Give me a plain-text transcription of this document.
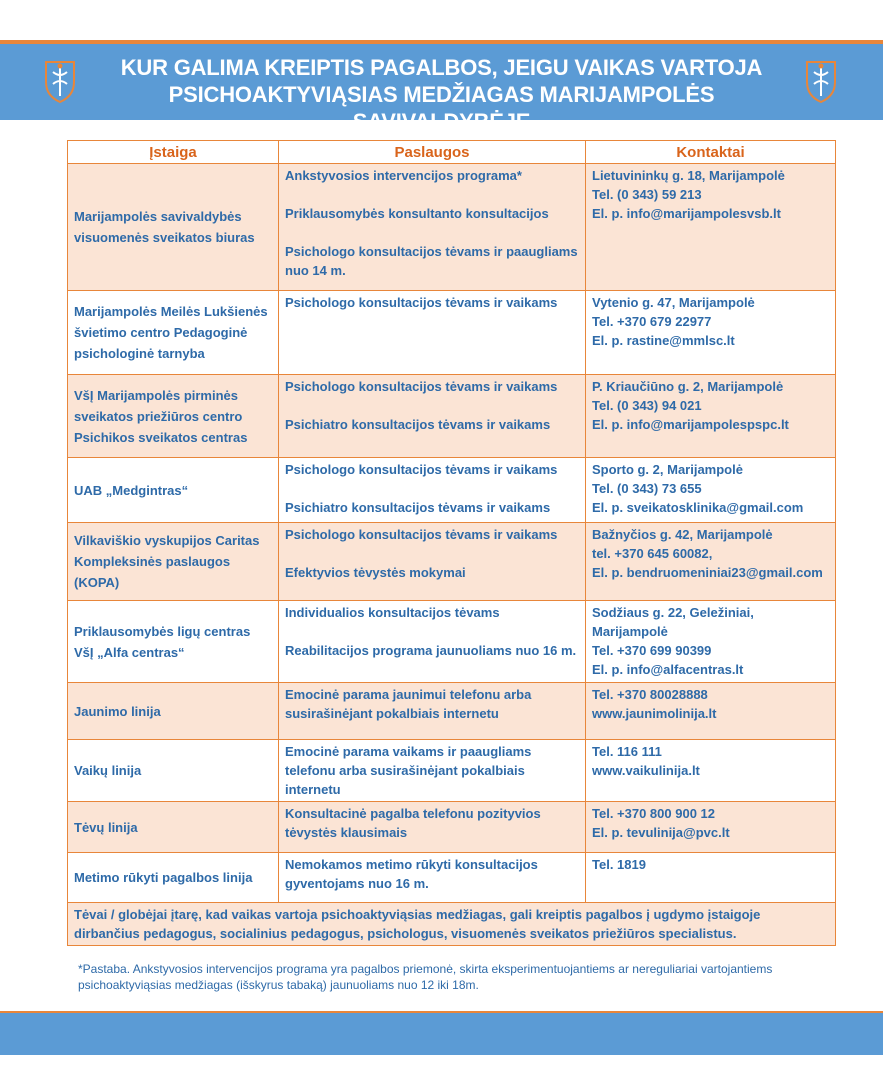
KUR GALIMA KREIPTIS PAGALBOS, JEIGU VAIKAS VARTOJA
PSICHOAKTYVIĄSIAS MEDŽIAGAS MARIJAMPOLĖS SAVIVALDYBĖJE
Įstaiga	Paslaugos	Kontaktai
Marijampolės savivaldybės visuomenės sveikatos biuras	Ankstyvosios intervencijos programa*
Priklausomybės konsultanto konsultacijos
Psichologo konsultacijos tėvams ir paaugliams nuo 14 m.	Lietuvininkų g. 18, Marijampolė
Tel. (0 343) 59 213
El. p. info@marijampolesvsb.lt

Marijampolės Meilės Lukšienės švietimo centro Pedagoginė psichologinė tarnyba	Psichologo konsultacijos tėvams ir vaikams	Vytenio g. 47, Marijampolė
Tel. +370 679 22977
El. p. rastine@mmlsc.lt

VšĮ Marijampolės pirminės sveikatos priežiūros centro Psichikos sveikatos centras	Psichologo konsultacijos tėvams ir vaikams
Psichiatro konsultacijos tėvams ir vaikams	P. Kriaučiūno g. 2, Marijampolė
Tel. (0 343) 94 021
El. p. info@marijampolespspc.lt

UAB „Medgintras“	Psichologo konsultacijos tėvams ir vaikams
Psichiatro konsultacijos tėvams ir vaikams	Sporto g. 2, Marijampolė
Tel. (0 343) 73 655
El. p. sveikatosklinika@gmail.com

Vilkaviškio vyskupijos Caritas Kompleksinės paslaugos (KOPA)	Psichologo konsultacijos tėvams ir vaikams
Efektyvios tėvystės mokymai	Bažnyčios g. 42, Marijampolė
tel. +370 645 60082,
El. p. bendruomeniniai23@gmail.com

Priklausomybės ligų centras VšĮ „Alfa centras“	Individualios konsultacijos tėvams
Reabilitacijos programa jaunuoliams nuo 16 m.	Sodžiaus g. 22, Geležiniai, Marijampolė
Tel. +370 699 90399
El. p. info@alfacentras.lt

Jaunimo linija	Emocinė parama jaunimui telefonu arba susirašinėjant pokalbiais internetu	Tel. +370 80028888
www.jaunimolinija.lt

Vaikų linija	Emocinė parama vaikams ir paaugliams telefonu arba susirašinėjant pokalbiais internetu	Tel. 116 111
www.vaikulinija.lt

Tėvų linija	Konsultacinė pagalba telefonu pozityvios tėvystės klausimais	Tel. +370 800 900 12
El. p. tevulinija@pvc.lt

Metimo rūkyti pagalbos linija	Nemokamos metimo rūkyti konsultacijos gyventojams nuo 16 m.	Tel. 1819

Tėvai / globėjai įtarę, kad vaikas vartoja psichoaktyviąsias medžiagas, gali kreiptis pagalbos į ugdymo įstaigoje dirbančius pedagogus, socialinius pedagogus, psichologus, visuomenės sveikatos priežiūros specialistus.		
*Pastaba. Ankstyvosios intervencijos programa yra pagalbos priemonė, skirta eksperimentuojantiems ar nereguliariai vartojantiems psichoaktyviąsias medžiagas (išskyrus tabaką) jaunuoliams nuo 12 iki 18m.
